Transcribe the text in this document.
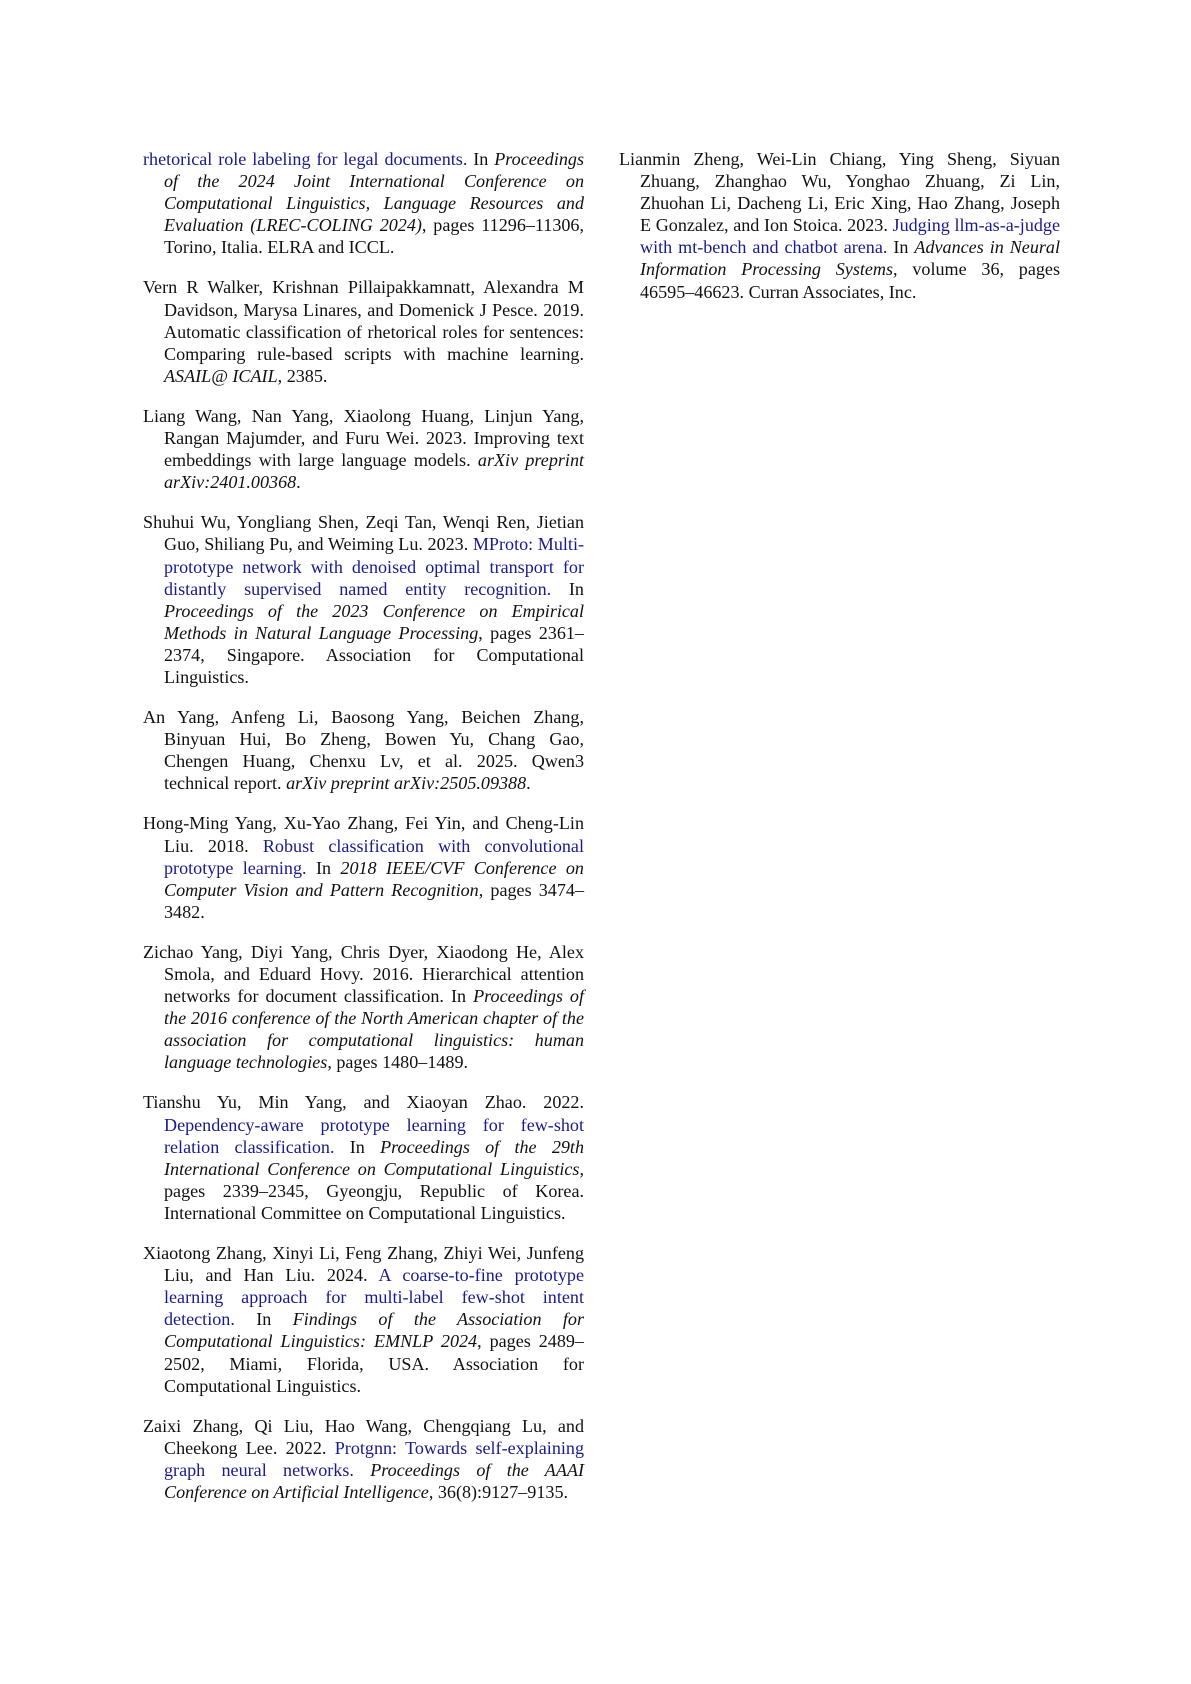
rhetorical role labeling for legal documents. In Proceedings of the 2024 Joint International Conference on Computational Linguistics, Language Resources and Evaluation (LREC-COLING 2024), pages 11296–11306, Torino, Italia. ELRA and ICCL.

Vern R Walker, Krishnan Pillaipakkamnatt, Alexandra M Davidson, Marysa Linares, and Domenick J Pesce. 2019. Automatic classification of rhetorical roles for sentences: Comparing rule-based scripts with machine learning. ASAIL@ ICAIL, 2385.

Liang Wang, Nan Yang, Xiaolong Huang, Linjun Yang, Rangan Majumder, and Furu Wei. 2023. Improving text embeddings with large language models. arXiv preprint arXiv:2401.00368.

Shuhui Wu, Yongliang Shen, Zeqi Tan, Wenqi Ren, Jietian Guo, Shiliang Pu, and Weiming Lu. 2023. MProto: Multi-prototype network with denoised optimal transport for distantly supervised named entity recognition. In Proceedings of the 2023 Conference on Empirical Methods in Natural Language Processing, pages 2361–2374, Singapore. Association for Computational Linguistics.

An Yang, Anfeng Li, Baosong Yang, Beichen Zhang, Binyuan Hui, Bo Zheng, Bowen Yu, Chang Gao, Chengen Huang, Chenxu Lv, et al. 2025. Qwen3 technical report. arXiv preprint arXiv:2505.09388.

Hong-Ming Yang, Xu-Yao Zhang, Fei Yin, and Cheng-Lin Liu. 2018. Robust classification with convolutional prototype learning. In 2018 IEEE/CVF Conference on Computer Vision and Pattern Recognition, pages 3474–3482.

Zichao Yang, Diyi Yang, Chris Dyer, Xiaodong He, Alex Smola, and Eduard Hovy. 2016. Hierarchical attention networks for document classification. In Proceedings of the 2016 conference of the North American chapter of the association for computational linguistics: human language technologies, pages 1480–1489.

Tianshu Yu, Min Yang, and Xiaoyan Zhao. 2022. Dependency-aware prototype learning for few-shot relation classification. In Proceedings of the 29th International Conference on Computational Linguistics, pages 2339–2345, Gyeongju, Republic of Korea. International Committee on Computational Linguistics.

Xiaotong Zhang, Xinyi Li, Feng Zhang, Zhiyi Wei, Junfeng Liu, and Han Liu. 2024. A coarse-to-fine prototype learning approach for multi-label few-shot intent detection. In Findings of the Association for Computational Linguistics: EMNLP 2024, pages 2489–2502, Miami, Florida, USA. Association for Computational Linguistics.

Zaixi Zhang, Qi Liu, Hao Wang, Chengqiang Lu, and Cheekong Lee. 2022. Protgnn: Towards self-explaining graph neural networks. Proceedings of the AAAI Conference on Artificial Intelligence, 36(8):9127–9135.

Lianmin Zheng, Wei-Lin Chiang, Ying Sheng, Siyuan Zhuang, Zhanghao Wu, Yonghao Zhuang, Zi Lin, Zhuohan Li, Dacheng Li, Eric Xing, Hao Zhang, Joseph E Gonzalez, and Ion Stoica. 2023. Judging llm-as-a-judge with mt-bench and chatbot arena. In Advances in Neural Information Processing Systems, volume 36, pages 46595–46623. Curran Associates, Inc.
